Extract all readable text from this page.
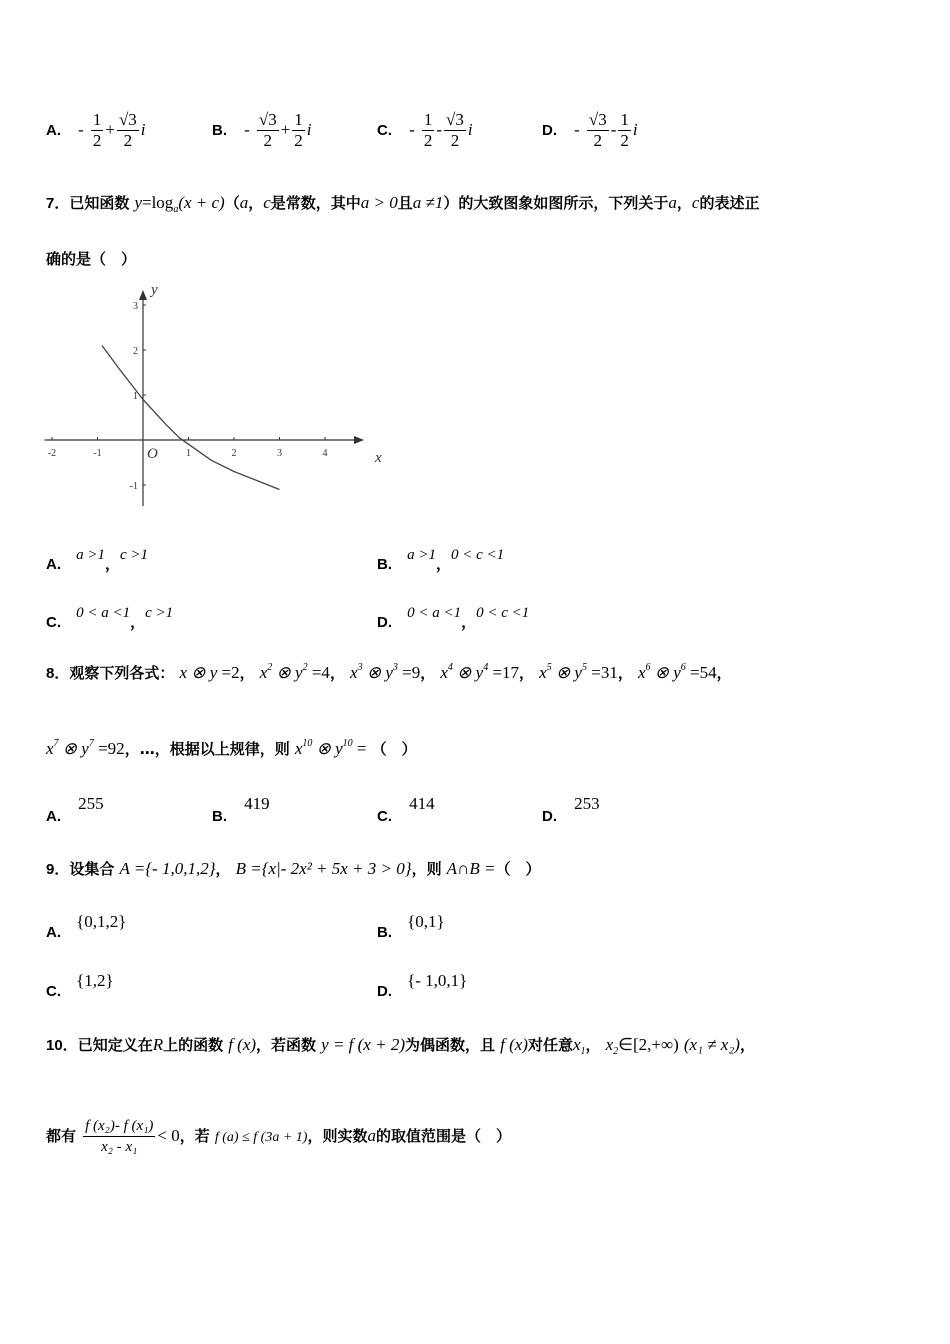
A. - $\frac{1}{2} + \frac{√3}{2}$ i	B. - $\frac{√3}{2} + \frac{1}{2}$ i	C. - $\frac{1}{2} - \frac{√3}{2}$ i	D. - $\frac{√3}{2} - \frac{1}{2}$ i
7．已知函数 $y=\log_a(x + c)(a$，c是常数，其中a > 0且a ≠1）的大致图象如图所示，下列关于a，c的表述正
确的是（　）
-2	-1	1	2	3	4
3
2
1
-1
x
y
O
A. a >1，c >1
B. a >1，0 < c <1
C. 0 < a <1，c >1
D. 0 < a <1，0 < c <1
8．观察下列各式： x ⊗ y =2， $x^2$ ⊗ $y^2 =4$， $x^3$ ⊗ $y^3 =9$， $x^4$ ⊗ $y^4 =17$， $x^5$ ⊗ $y^5 =31$， $x^6$ ⊗ $y^6 =54$，
$x^7$ ⊗ $y^7 =92$，…，根据以上规律，则 $x^{10}$ ⊗ $y^{10}$ = （　）
A. 255
B. 419
C. 414
D. 253
9．设集合 A ={- 1,0,1,2}， B ={x|- 2x² + 5x + 3 > 0}，则 A∩B =（　）
A. {0,1,2}
B. {0,1}
C. {1,2}
D. {- 1,0,1}
10．已知定义在R上的函数 f (x)，若函数 y = f (x + 2)为偶函数，且 f (x)对任意$x_1$， $x_2\in[2,+\infty)$ (x₁ ≠ x₂)，
都有 $\frac{\text{f (x₂)- f (x₁)}}{\text{x₂ - x₁}} < 0$，若 f (a) ≤ f (3a + 1)，则实数a的取值范围是（　）
